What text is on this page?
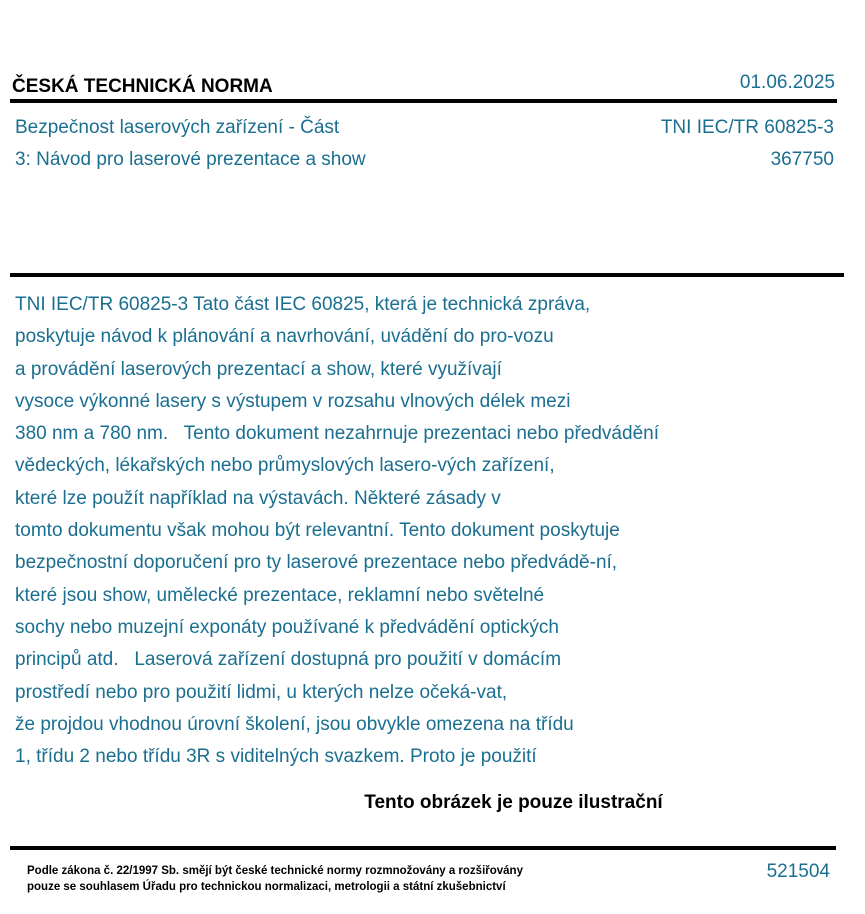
ČESKÁ TECHNICKÁ NORMA	01.06.2025
Bezpečnost laserových zařízení - Část
3: Návod pro laserové prezentace a show
TNI IEC/TR 60825-3
367750
TNI IEC/TR 60825-3 Tato část IEC 60825, která je technická zpráva,
poskytuje návod k plánování a navrhování, uvádění do pro-vozu
a provádění laserových prezentací a show, které využívají
vysoce výkonné lasery s výstupem v rozsahu vlnových délek mezi
380 nm a 780 nm.   Tento dokument nezahrnuje prezentaci nebo předvádění
vědeckých, lékařských nebo průmyslových lasero-vých zařízení,
které lze použít například na výstavách. Některé zásady v
tomto dokumentu však mohou být relevantní. Tento dokument poskytuje
bezpečnostní doporučení pro ty laserové prezentace nebo předvádě-ní,
které jsou show, umělecké prezentace, reklamní nebo světelné
sochy nebo muzejní exponáty používané k předvádění optických
principů atd.   Laserová zařízení dostupná pro použití v domácím
prostředí nebo pro použití lidmi, u kterých nelze očeká-vat,
že projdou vhodnou úrovní školení, jsou obvykle omezena na třídu
1, třídu 2 nebo třídu 3R s viditelných svazkem. Proto je použití
Tento obrázek je pouze ilustrační
Podle zákona č. 22/1997 Sb. smějí být české technické normy rozmnožovány a rozšiřovány
pouze se souhlasem Úřadu pro technickou normalizaci, metrologii a státní zkušebnictví
521504
